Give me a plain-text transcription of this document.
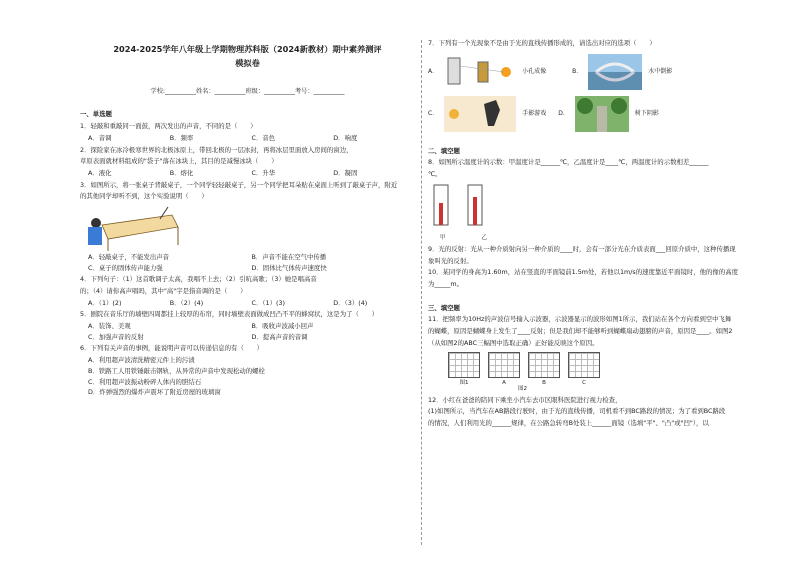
2024-2025学年八年级上学期物理苏科版（2024新教材）期中素养测评
模拟卷
学校:__________姓名：__________班级：__________考号：__________
一、单选题
1．轻敲和重敲同一面鼓，两次发出的声音，不同的是（　　）
A．音调	B．频率	C．音色	D．响度
2．探险家在冰冷极寒世界的北极冰原上，带回北极的一层冰封，再将冰层里面放入房间的窗边，
草原表面就材料组成的"袋子"落在冰块上，其目的是减慢冰块（　　）
A．液化	B．熔化	C．升华	D．凝固
3．如图所示，将一张桌子背敲桌子，一个同学轻轻敲桌子，另一个同学把耳朵贴在桌面上听到了敲桌子声，附近
的其他同学却听不到，这个实验说明（　　）
A．轻敲桌子，不能发出声音	B．声音不能在空气中传播
C．桌子的固体传声能力强	D．固体比气体传声速度快
4．下列句子：（1）这首歌调子太高，我唱不上去；（2）引吭高歌；（3）她是唱高音
的；（4）请你高声唱吗，其中"高"字是指音调的是（　　）
A．（1）(2)	B．（2）(4)	C．（1）(3)	D．（3）(4)
5．剧院在音乐厅的墙壁四周都挂上较厚的布帘，同时墙壁表面做成凹凸不平的蜂窝状，这是为了（　　）
A．装饰、美观	B．吸收声波减小回声
C．加强声音的反射	D．提高声音的音调
6．下列有关声音的事例，能说明声音可以传递信息的有（　　）
A．利用超声波清洗精密元件上的污渍
B．铁路工人用铁锤敲击钢轨，从异常的声音中发现松动的螺栓
C．利用超声波振动粉碎人体内的胆结石
D．炸弹强烈的爆炸声震坏了附近房屋的玻璃窗
7．下列有一个光现象不是由于光的直线传播形成的，请选出对应的选项（　　）
A．	小孔成像	B．	水中倒影
C．	手影游戏 D．	树下阴影
二、填空题
8．如图所示温度计的示数：甲温度计是______℃，乙温度计是____℃，两温度计的示数相差______
℃。
甲	乙
9．光的反射：光从一种介质射向另一种介质的____时，会有一部分光在介质表面___回原介质中，这种传播现
象叫光的反射。
10．某同学的身高为1.60m，站在竖直的平面镜前1.5m处，若他以1m/s的速度靠近平面镜时，他的像的高度
为_____m。
三、填空题
11．把频率为10Hz的声波信号输入示波器，示波器显示的波形如图1所示，我们站在各个方向看到空中飞舞
的蝴蝶，原因是蝴蝶身上发生了____反射；但是我们却不能够听到蝴蝶扇动翅膀的声音，原因是____。如图2
（从如图2的ABC三幅图中选取正确）正好能反映这个原因。
图1	A	B	C
图2
12．小红在爸爸的陪同下乘坐小汽车去市区眼科医院进行视力检查，
(1)如图所示，当汽车在AB路段行驶时，由于光的直线传播，司机看不到BC路段的情况；为了看到BC路段
的情况，人们利用光的______规律，在公路急转弯B处装上______面镜（选填"平"、"凸"或"凹"），以
